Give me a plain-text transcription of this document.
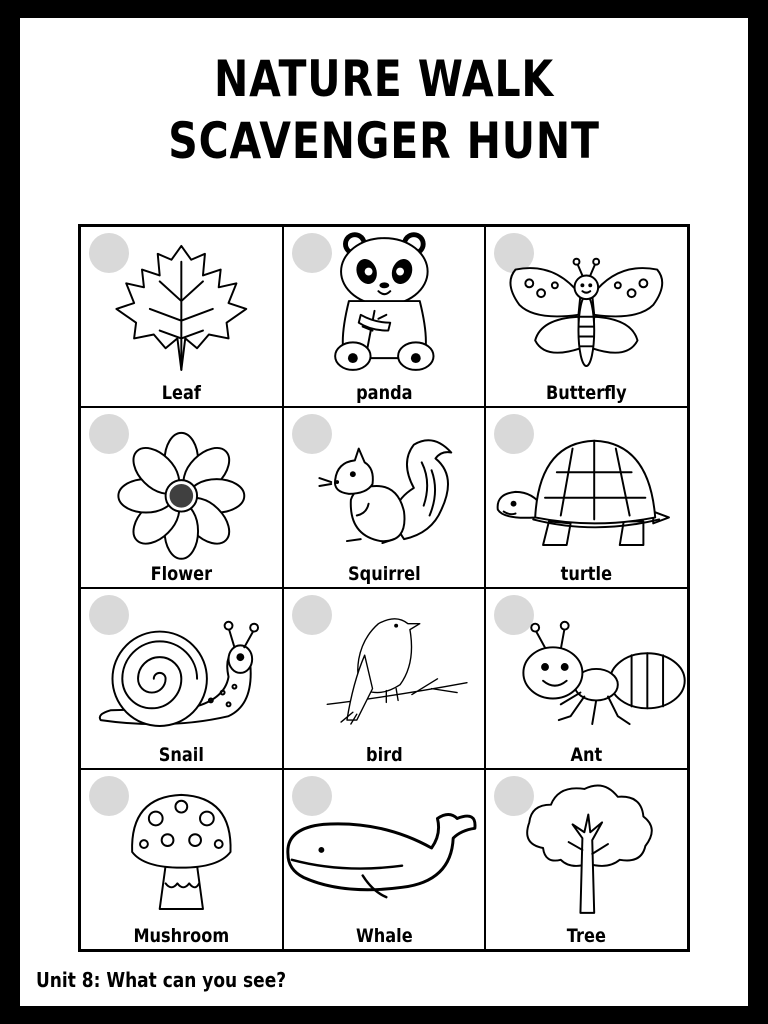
NATURE WALK
SCAVENGER HUNT
Leaf	panda	Butterfly
Flower	Squirrel	turtle
Snail	bird	Ant
Mushroom	Whale	Tree
Unit 8: What can you see?
